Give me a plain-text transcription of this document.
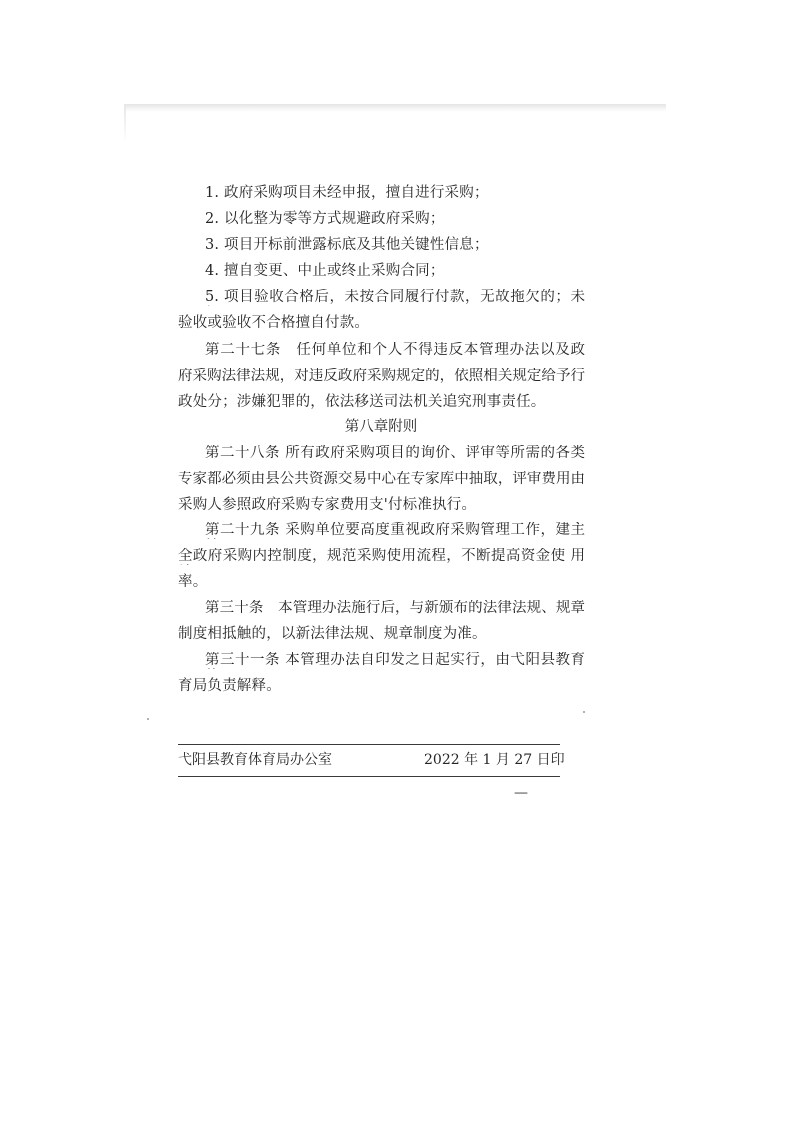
1. 政府采购项目未经申报，擅自进行采购；
2. 以化整为零等方式规避政府采购；
3. 项目开标前泄露标底及其他关键性信息；
4. 擅自变更、中止或终止采购合同；
5. 项目验收合格后，未按合同履行付款，无故拖欠的；未
验收或验收不合格擅自付款。
第二十七条　任何单位和个人不得违反本管理办法以及政
府采购法律法规，对违反政府采购规定的，依照相关规定给予行
政处分；涉嫌犯罪的，依法移送司法机关追究刑事责任。
第八章附则
第二十八条 所有政府采购项目的询价、评审等所需的各类
专家都必须由县公共资源交易中心在专家库中抽取，评审费用由
采购人参照政府采购专家费用支'付标准执行。
第二十九条 采购单位要高度重视政府采购管理工作，建主
全政府采购内控制度，规范采购使用流程，不断提高资金使 用
率。
第三十条　本管理办法施行后，与新颁布的法律法规、规章
制度相抵触的，以新法律法规、规章制度为准。
第三十一条 本管理办法自印发之日起实行，由弋阳县教育
育局负责解释。
弋阳县教育体育局办公室	2022 年 1 月 27 日印
—
